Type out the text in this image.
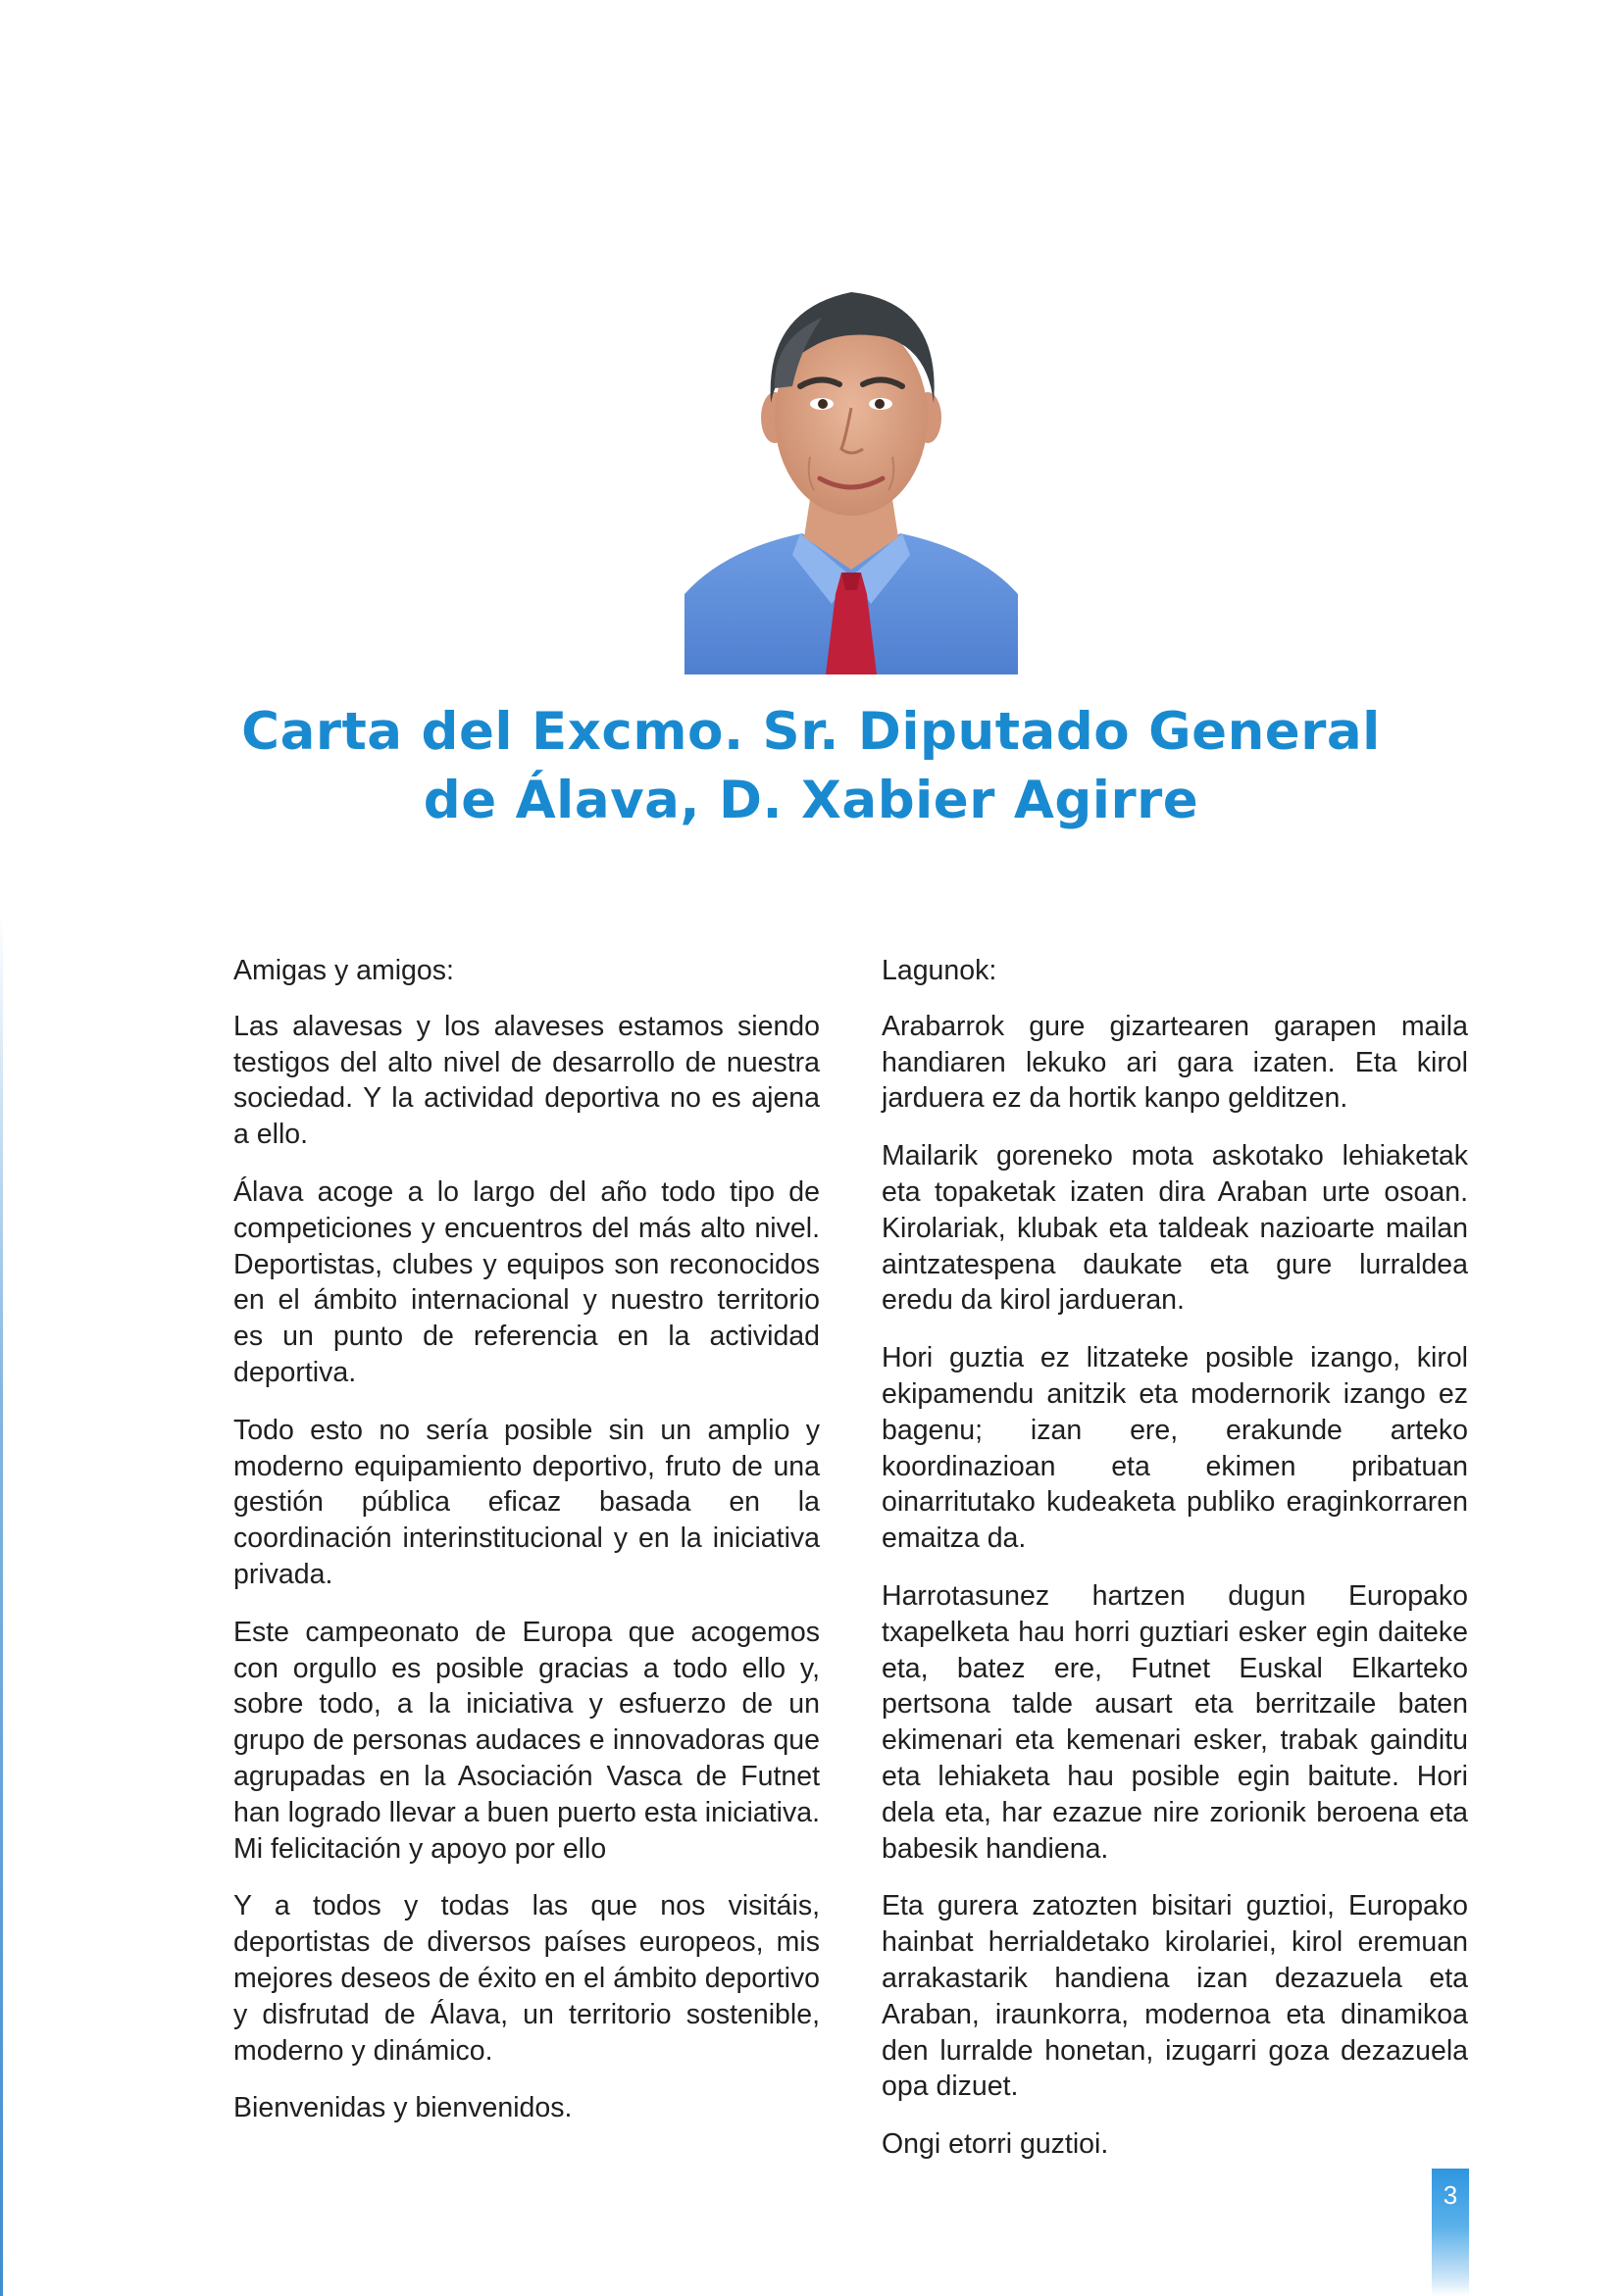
Carta del Excmo. Sr. Diputado General
de Álava, D. Xabier Agirre

Amigas y amigos:

Las alavesas y los alaveses estamos siendo testigos del alto nivel de desarrollo de nuestra sociedad. Y la actividad deportiva no es ajena a ello.

Álava acoge a lo largo del año todo tipo de competiciones y encuentros del más alto nivel. Deportistas, clubes y equipos son reconocidos en el ámbito internacional y nuestro territorio es un punto de referencia en la actividad deportiva.

Todo esto no sería posible sin un amplio y moderno equipamiento deportivo, fruto de una gestión pública eficaz basada en la coordinación interinstitucional y en la iniciativa privada.

Este campeonato de Europa que acogemos con orgullo es posible gracias a todo ello y, sobre todo, a la iniciativa y esfuerzo de un grupo de personas audaces e innovadoras que agrupadas en la Asociación Vasca de Futnet han logrado llevar a buen puerto esta iniciativa. Mi felicitación y apoyo por ello

Y a todos y todas las que nos visitáis, deportistas de diversos países europeos, mis mejores deseos de éxito en el ámbito deportivo y disfrutad de Álava, un territorio sostenible, moderno y dinámico.

Bienvenidas y bienvenidos.

Lagunok:

Arabarrok gure gizartearen garapen maila handiaren lekuko ari gara izaten. Eta kirol jarduera ez da hortik kanpo gelditzen.

Mailarik goreneko mota askotako lehiaketak eta topaketak izaten dira Araban urte osoan. Kirolariak, klubak eta taldeak nazioarte mailan aintzatespena daukate eta gure lurraldea eredu da kirol jardueran.

Hori guztia ez litzateke posible izango, kirol ekipamendu anitzik eta modernorik izango ez bagenu; izan ere, erakunde arteko koordinazioan eta ekimen pribatuan oinarritutako kudeaketa publiko eraginkorraren emaitza da.

Harrotasunez hartzen dugun Europako txapelketa hau horri guztiari esker egin daiteke eta, batez ere, Futnet Euskal Elkarteko pertsona talde ausart eta berritzaile baten ekimenari eta kemenari esker, trabak gainditu eta lehiaketa hau posible egin baitute. Hori dela eta, har ezazue nire zorionik beroena eta babesik handiena.

Eta gurera zatozten bisitari guztioi, Europako hainbat herrialdetako kirolariei, kirol eremuan arrakastarik handiena izan dezazuela eta Araban, iraunkorra, modernoa eta dinamikoa den lurralde honetan, izugarri goza dezazuela opa dizuet.

Ongi etorri guztioi.

3
